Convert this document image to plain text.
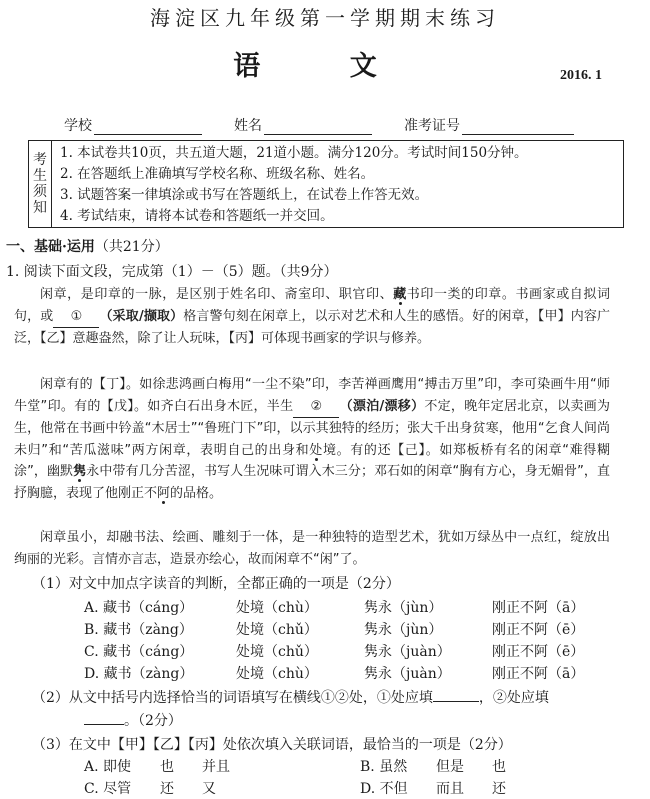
海淀区九年级第一学期期末练习
语 文	2016. 1
学校	姓名	准考证号
考
生
须
知
1. 本试卷共10页，共五道大题，21道小题。满分120分。考试时间150分钟。
2. 在答题纸上准确填写学校名称、班级名称、姓名。
3. 试题答案一律填涂或书写在答题纸上，在试卷上作答无效。
4. 考试结束，请将本试卷和答题纸一并交回。
一、基础·运用（共21分）
1. 阅读下面文段，完成第（1）－（5）题。（共9分）
闲章，是印章的一脉，是区别于姓名印、斋室印、职官印、藏书印一类的印章。书画家或自拟词句，或 ① （采取/撷取）格言警句刻在闲章上，以示对艺术和人生的感悟。好的闲章，【甲】内容广泛，【乙】意趣盎然，除了让人玩味，【丙】可体现书画家的学识与修养。
闲章有的【丁】。如徐悲鸿画白梅用“一尘不染”印，李苦禅画鹰用“搏击万里”印，李可染画牛用“师牛堂”印。有的【戊】。如齐白石出身木匠，半生 ② （漂泊/漂移）不定，晚年定居北京，以卖画为生，他常在书画中钤盖“木居士”“鲁班门下”印，以示其独特的经历；张大千出身贫寒，他用“乞食人间尚未归”和“苦瓜滋味”两方闲章，表明自己的出身和处境。有的还【己】。如郑板桥有名的闲章“难得糊涂”，幽默隽永中带有几分苦涩，书写人生况味可谓入木三分；邓石如的闲章“胸有方心，身无媚骨”，直抒胸臆，表现了他刚正不阿的品格。
闲章虽小，却融书法、绘画、雕刻于一体，是一种独特的造型艺术，犹如万绿丛中一点红，绽放出绚丽的光彩。言情亦言志，造景亦绘心，故而闲章不“闲”了。
（1）对文中加点字读音的判断，全都正确的一项是（2分）
A. 藏书（cáng）	处境（chù）	隽永（jùn）	刚正不阿（ā）
B. 藏书（zàng）	处境（chǔ）	隽永（jùn）	刚正不阿（ē）
C. 藏书（cáng）	处境（chǔ）	隽永（juàn）	刚正不阿（ē）
D. 藏书（zàng）	处境（chù）	隽永（juàn）	刚正不阿（ā）
（2）从文中括号内选择恰当的词语填写在横线①②处，①处应填	，②处应填
。（2分）
（3）在文中【甲】【乙】【丙】处依次填入关联词语，最恰当的一项是（2分）
A. 即使	也	并且	B. 虽然	但是	也
C. 尽管	还	又	D. 不但	而且	还
